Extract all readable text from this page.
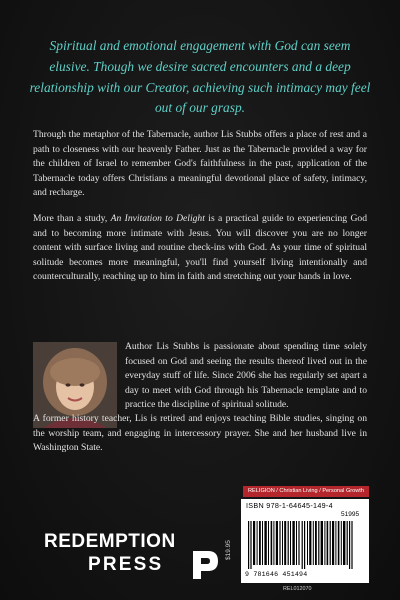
Spiritual and emotional engagement with God can seem elusive. Though we desire sacred encounters and a deep relationship with our Creator, achieving such intimacy may feel out of our grasp.

Through the metaphor of the Tabernacle, author Lis Stubbs offers a place of rest and a path to closeness with our heavenly Father. Just as the Tabernacle provided a way for the children of Israel to remember God's faithfulness in the past, application of the Tabernacle today offers Christians a meaningful devotional place of safety, intimacy, and recharge.

More than a study, An Invitation to Delight is a practical guide to experiencing God and to becoming more intimate with Jesus. You will discover you are no longer content with surface living and routine check-ins with God. As your time of spiritual solitude becomes more meaningful, you'll find yourself living intentionally and counterculturally, reaching up to him in faith and stretching out your hands in love.

Author Lis Stubbs is passionate about spending time solely focused on God and seeing the results thereof lived out in the everyday stuff of life. Since 2006 she has regularly set apart a day to meet with God through his Tabernacle template and to practice the discipline of spiritual solitude.

A former history teacher, Lis is retired and enjoys teaching Bible studies, singing on the worship team, and engaging in intercessory prayer. She and her husband live in Washington State.

REDEMPTION
PRESS
$19.95
RELIGION / Christian Living / Personal Growth
ISBN 978-1-64645-149-4
51995
9 781646 451494
REL012070
